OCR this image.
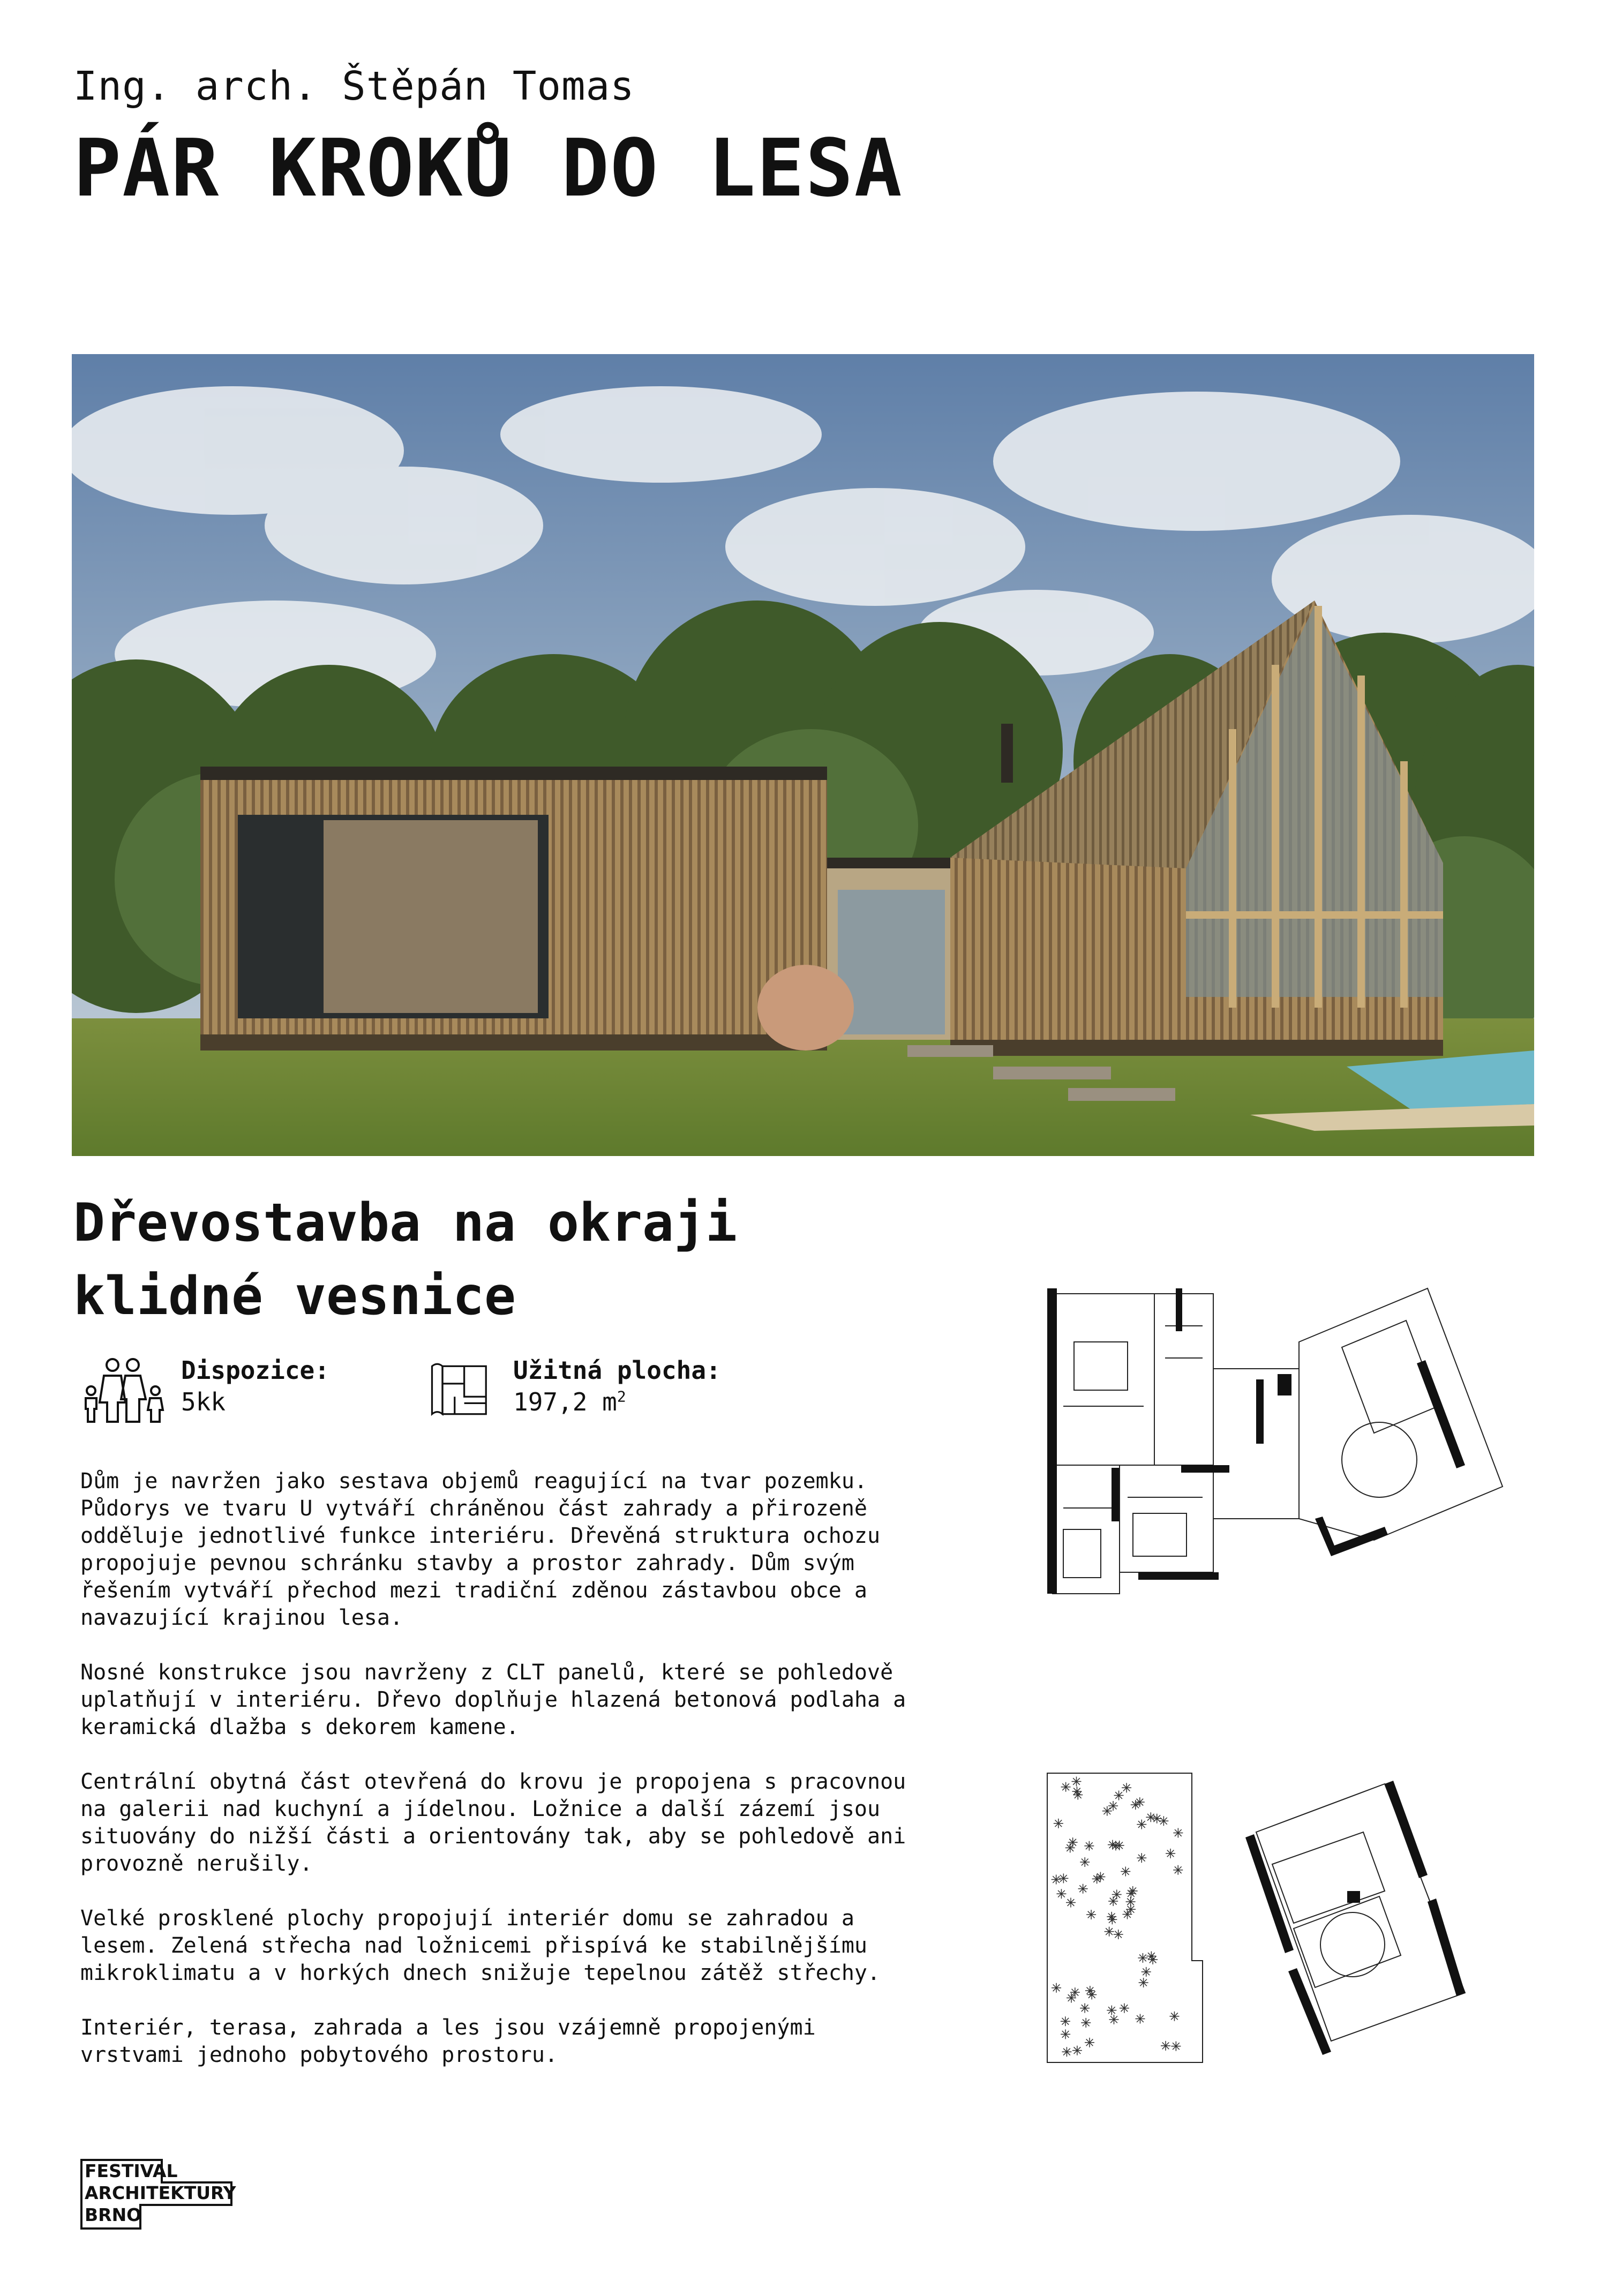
Ing. arch. Štěpán Tomas
PÁR KROKŮ DO LESA
Dřevostavba na okraji
klidné vesnice
Dispozice:
5kk
Užitná plocha:
197,2 $m^2$

Dům je navržen jako sestava objemů reagující na tvar pozemku.
Půdorys ve tvaru U vytváří chráněnou část zahrady a přirozeně
odděluje jednotlivé funkce interiéru. Dřevěná struktura ochozu
propojuje pevnou schránku stavby a prostor zahrady. Dům svým
řešením vytváří přechod mezi tradiční zděnou zástavbou obce a
navazující krajinou lesa.

Nosné konstrukce jsou navrženy z CLT panelů, které se pohledově
uplatňují v interiéru. Dřevo doplňuje hlazená betonová podlaha a
keramická dlažba s dekorem kamene.

Centrální obytná část otevřená do krovu je propojena s pracovnou
na galerii nad kuchyní a jídelnou. Ložnice a další zázemí jsou
situovány do nižší části a orientovány tak, aby se pohledově ani
provozně nerušily.

Velké prosklené plochy propojují interiér domu se zahradou a
lesem. Zelená střecha nad ložnicemi přispívá ke stabilnějšímu
mikroklimatu a v horkých dnech snižuje tepelnou zátěž střechy.

Interiér, terasa, zahrada a les jsou vzájemně propojenými
vrstvami jednoho pobytového prostoru.

FESTIVAL
ARCHITEKTURY
BRNO
